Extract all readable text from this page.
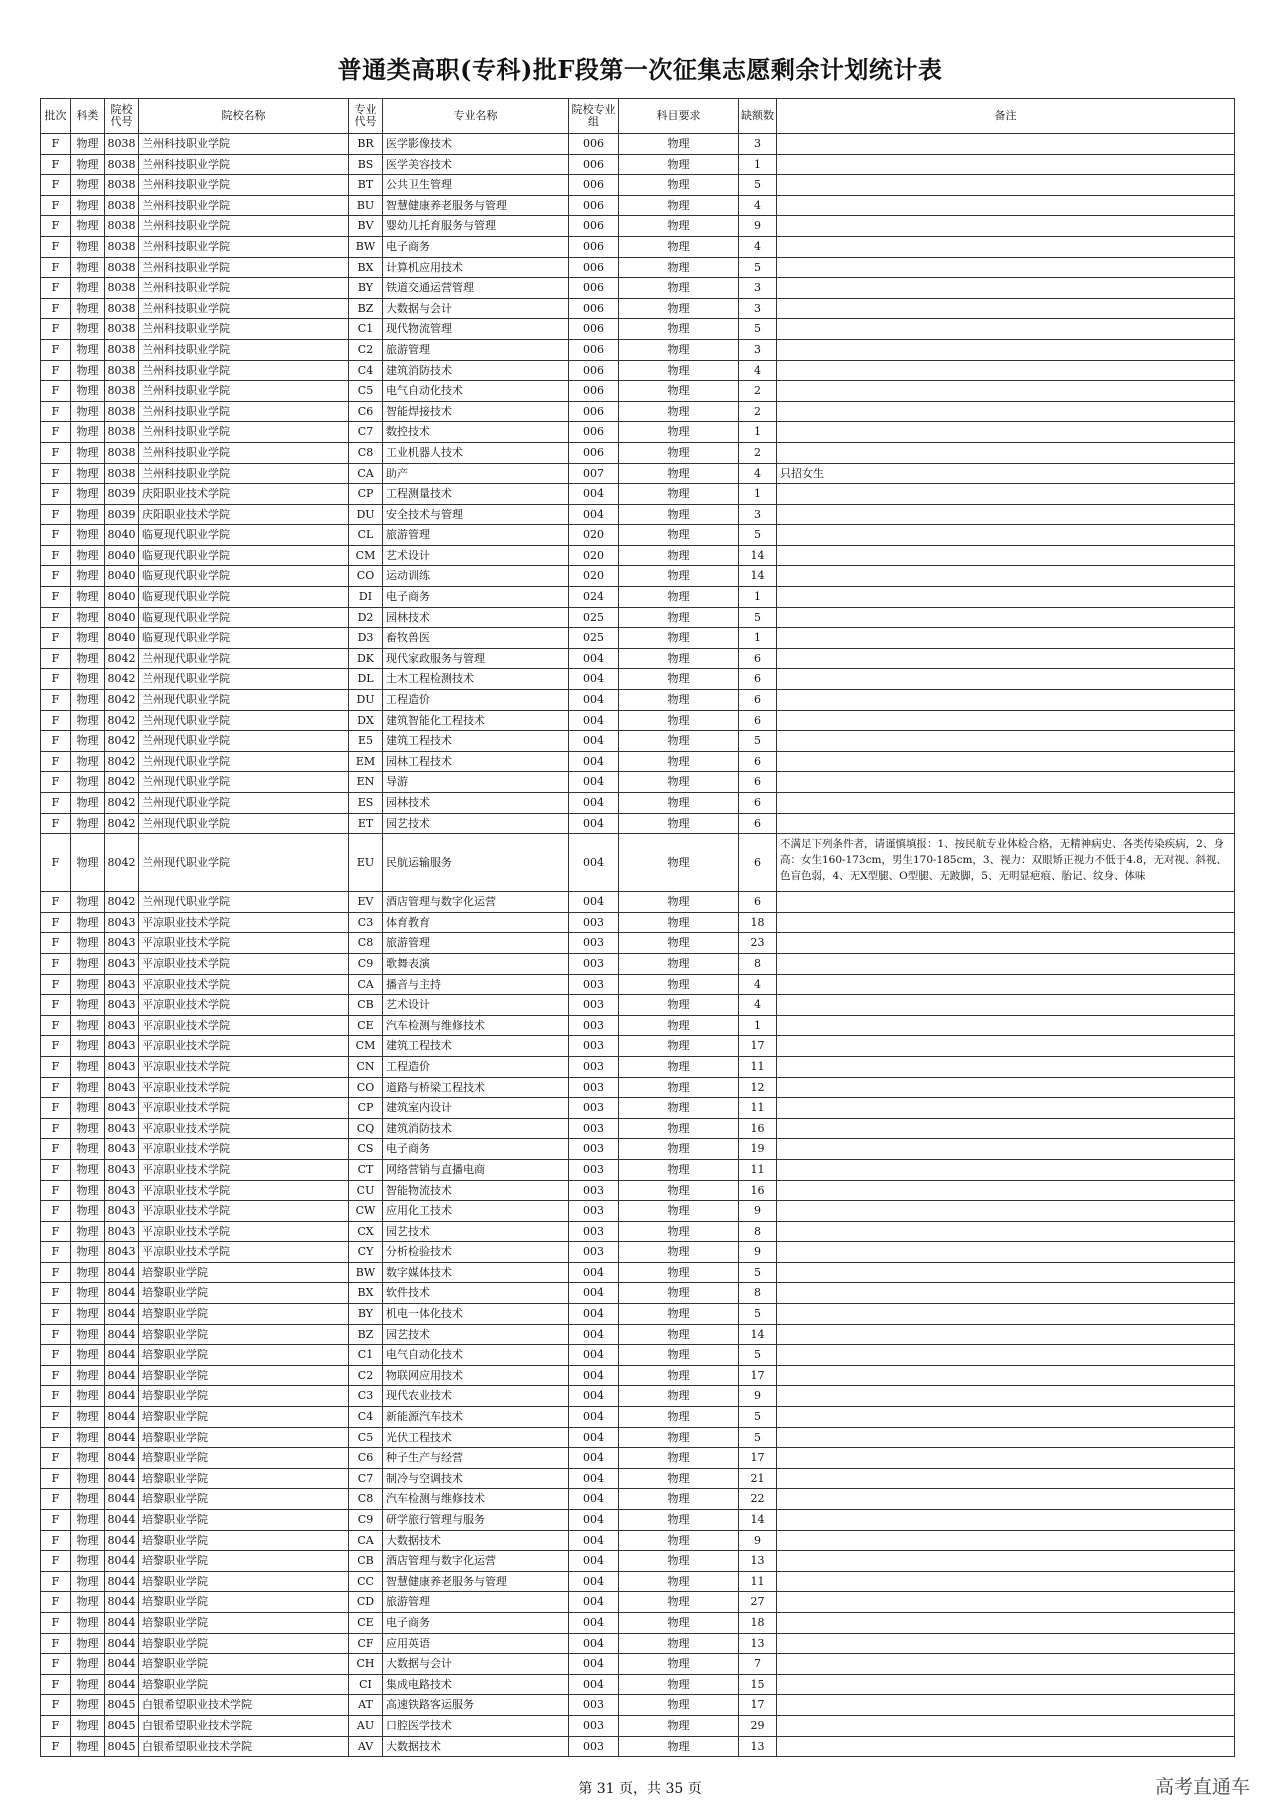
普通类高职(专科)批F段第一次征集志愿剩余计划统计表
批次	科类	院校代号	院校名称	专业代号	专业名称	院校专业组	科目要求	缺额数	备注
F	物理	8038	兰州科技职业学院	BR	医学影像技术	006	物理	3	
F	物理	8038	兰州科技职业学院	BS	医学美容技术	006	物理	1	
F	物理	8038	兰州科技职业学院	BT	公共卫生管理	006	物理	5	
F	物理	8038	兰州科技职业学院	BU	智慧健康养老服务与管理	006	物理	4	
F	物理	8038	兰州科技职业学院	BV	婴幼儿托育服务与管理	006	物理	9	
F	物理	8038	兰州科技职业学院	BW	电子商务	006	物理	4	
F	物理	8038	兰州科技职业学院	BX	计算机应用技术	006	物理	5	
F	物理	8038	兰州科技职业学院	BY	铁道交通运营管理	006	物理	3	
F	物理	8038	兰州科技职业学院	BZ	大数据与会计	006	物理	3	
F	物理	8038	兰州科技职业学院	C1	现代物流管理	006	物理	5	
F	物理	8038	兰州科技职业学院	C2	旅游管理	006	物理	3	
F	物理	8038	兰州科技职业学院	C4	建筑消防技术	006	物理	4	
F	物理	8038	兰州科技职业学院	C5	电气自动化技术	006	物理	2	
F	物理	8038	兰州科技职业学院	C6	智能焊接技术	006	物理	2	
F	物理	8038	兰州科技职业学院	C7	数控技术	006	物理	1	
F	物理	8038	兰州科技职业学院	C8	工业机器人技术	006	物理	2	
F	物理	8038	兰州科技职业学院	CA	助产	007	物理	4	只招女生
F	物理	8039	庆阳职业技术学院	CP	工程测量技术	004	物理	1	
F	物理	8039	庆阳职业技术学院	DU	安全技术与管理	004	物理	3	
F	物理	8040	临夏现代职业学院	CL	旅游管理	020	物理	5	
F	物理	8040	临夏现代职业学院	CM	艺术设计	020	物理	14	
F	物理	8040	临夏现代职业学院	CO	运动训练	020	物理	14	
F	物理	8040	临夏现代职业学院	DI	电子商务	024	物理	1	
F	物理	8040	临夏现代职业学院	D2	园林技术	025	物理	5	
F	物理	8040	临夏现代职业学院	D3	畜牧兽医	025	物理	1	
F	物理	8042	兰州现代职业学院	DK	现代家政服务与管理	004	物理	6	
F	物理	8042	兰州现代职业学院	DL	土木工程检测技术	004	物理	6	
F	物理	8042	兰州现代职业学院	DU	工程造价	004	物理	6	
F	物理	8042	兰州现代职业学院	DX	建筑智能化工程技术	004	物理	6	
F	物理	8042	兰州现代职业学院	E5	建筑工程技术	004	物理	5	
F	物理	8042	兰州现代职业学院	EM	园林工程技术	004	物理	6	
F	物理	8042	兰州现代职业学院	EN	导游	004	物理	6	
F	物理	8042	兰州现代职业学院	ES	园林技术	004	物理	6	
F	物理	8042	兰州现代职业学院	ET	园艺技术	004	物理	6	
F	物理	8042	兰州现代职业学院	EU	民航运输服务	004	物理	6	不满足下列条件者，请谨慎填报：1、按民航专业体检合格，无精神病史、各类传染疾病，2、身高：女生160-173cm，男生170-185cm，3、视力：双眼矫正视力不低于4.8，无对视、斜视、色盲色弱，4、无X型腿、O型腿、无跛脚，5、无明显疤痕、胎记、纹身、体味
F	物理	8042	兰州现代职业学院	EV	酒店管理与数字化运营	004	物理	6	
F	物理	8043	平凉职业技术学院	C3	体育教育	003	物理	18	
F	物理	8043	平凉职业技术学院	C8	旅游管理	003	物理	23	
F	物理	8043	平凉职业技术学院	C9	歌舞表演	003	物理	8	
F	物理	8043	平凉职业技术学院	CA	播音与主持	003	物理	4	
F	物理	8043	平凉职业技术学院	CB	艺术设计	003	物理	4	
F	物理	8043	平凉职业技术学院	CE	汽车检测与维修技术	003	物理	1	
F	物理	8043	平凉职业技术学院	CM	建筑工程技术	003	物理	17	
F	物理	8043	平凉职业技术学院	CN	工程造价	003	物理	11	
F	物理	8043	平凉职业技术学院	CO	道路与桥梁工程技术	003	物理	12	
F	物理	8043	平凉职业技术学院	CP	建筑室内设计	003	物理	11	
F	物理	8043	平凉职业技术学院	CQ	建筑消防技术	003	物理	16	
F	物理	8043	平凉职业技术学院	CS	电子商务	003	物理	19	
F	物理	8043	平凉职业技术学院	CT	网络营销与直播电商	003	物理	11	
F	物理	8043	平凉职业技术学院	CU	智能物流技术	003	物理	16	
F	物理	8043	平凉职业技术学院	CW	应用化工技术	003	物理	9	
F	物理	8043	平凉职业技术学院	CX	园艺技术	003	物理	8	
F	物理	8043	平凉职业技术学院	CY	分析检验技术	003	物理	9	
F	物理	8044	培黎职业学院	BW	数字媒体技术	004	物理	5	
F	物理	8044	培黎职业学院	BX	软件技术	004	物理	8	
F	物理	8044	培黎职业学院	BY	机电一体化技术	004	物理	5	
F	物理	8044	培黎职业学院	BZ	园艺技术	004	物理	14	
F	物理	8044	培黎职业学院	C1	电气自动化技术	004	物理	5	
F	物理	8044	培黎职业学院	C2	物联网应用技术	004	物理	17	
F	物理	8044	培黎职业学院	C3	现代农业技术	004	物理	9	
F	物理	8044	培黎职业学院	C4	新能源汽车技术	004	物理	5	
F	物理	8044	培黎职业学院	C5	光伏工程技术	004	物理	5	
F	物理	8044	培黎职业学院	C6	种子生产与经营	004	物理	17	
F	物理	8044	培黎职业学院	C7	制冷与空调技术	004	物理	21	
F	物理	8044	培黎职业学院	C8	汽车检测与维修技术	004	物理	22	
F	物理	8044	培黎职业学院	C9	研学旅行管理与服务	004	物理	14	
F	物理	8044	培黎职业学院	CA	大数据技术	004	物理	9	
F	物理	8044	培黎职业学院	CB	酒店管理与数字化运营	004	物理	13	
F	物理	8044	培黎职业学院	CC	智慧健康养老服务与管理	004	物理	11	
F	物理	8044	培黎职业学院	CD	旅游管理	004	物理	27	
F	物理	8044	培黎职业学院	CE	电子商务	004	物理	18	
F	物理	8044	培黎职业学院	CF	应用英语	004	物理	13	
F	物理	8044	培黎职业学院	CH	大数据与会计	004	物理	7	
F	物理	8044	培黎职业学院	CI	集成电路技术	004	物理	15	
F	物理	8045	白银希望职业技术学院	AT	高速铁路客运服务	003	物理	17	
F	物理	8045	白银希望职业技术学院	AU	口腔医学技术	003	物理	29	
F	物理	8045	白银希望职业技术学院	AV	大数据技术	003	物理	13	
第 31 页，共 35 页	高考直通车
